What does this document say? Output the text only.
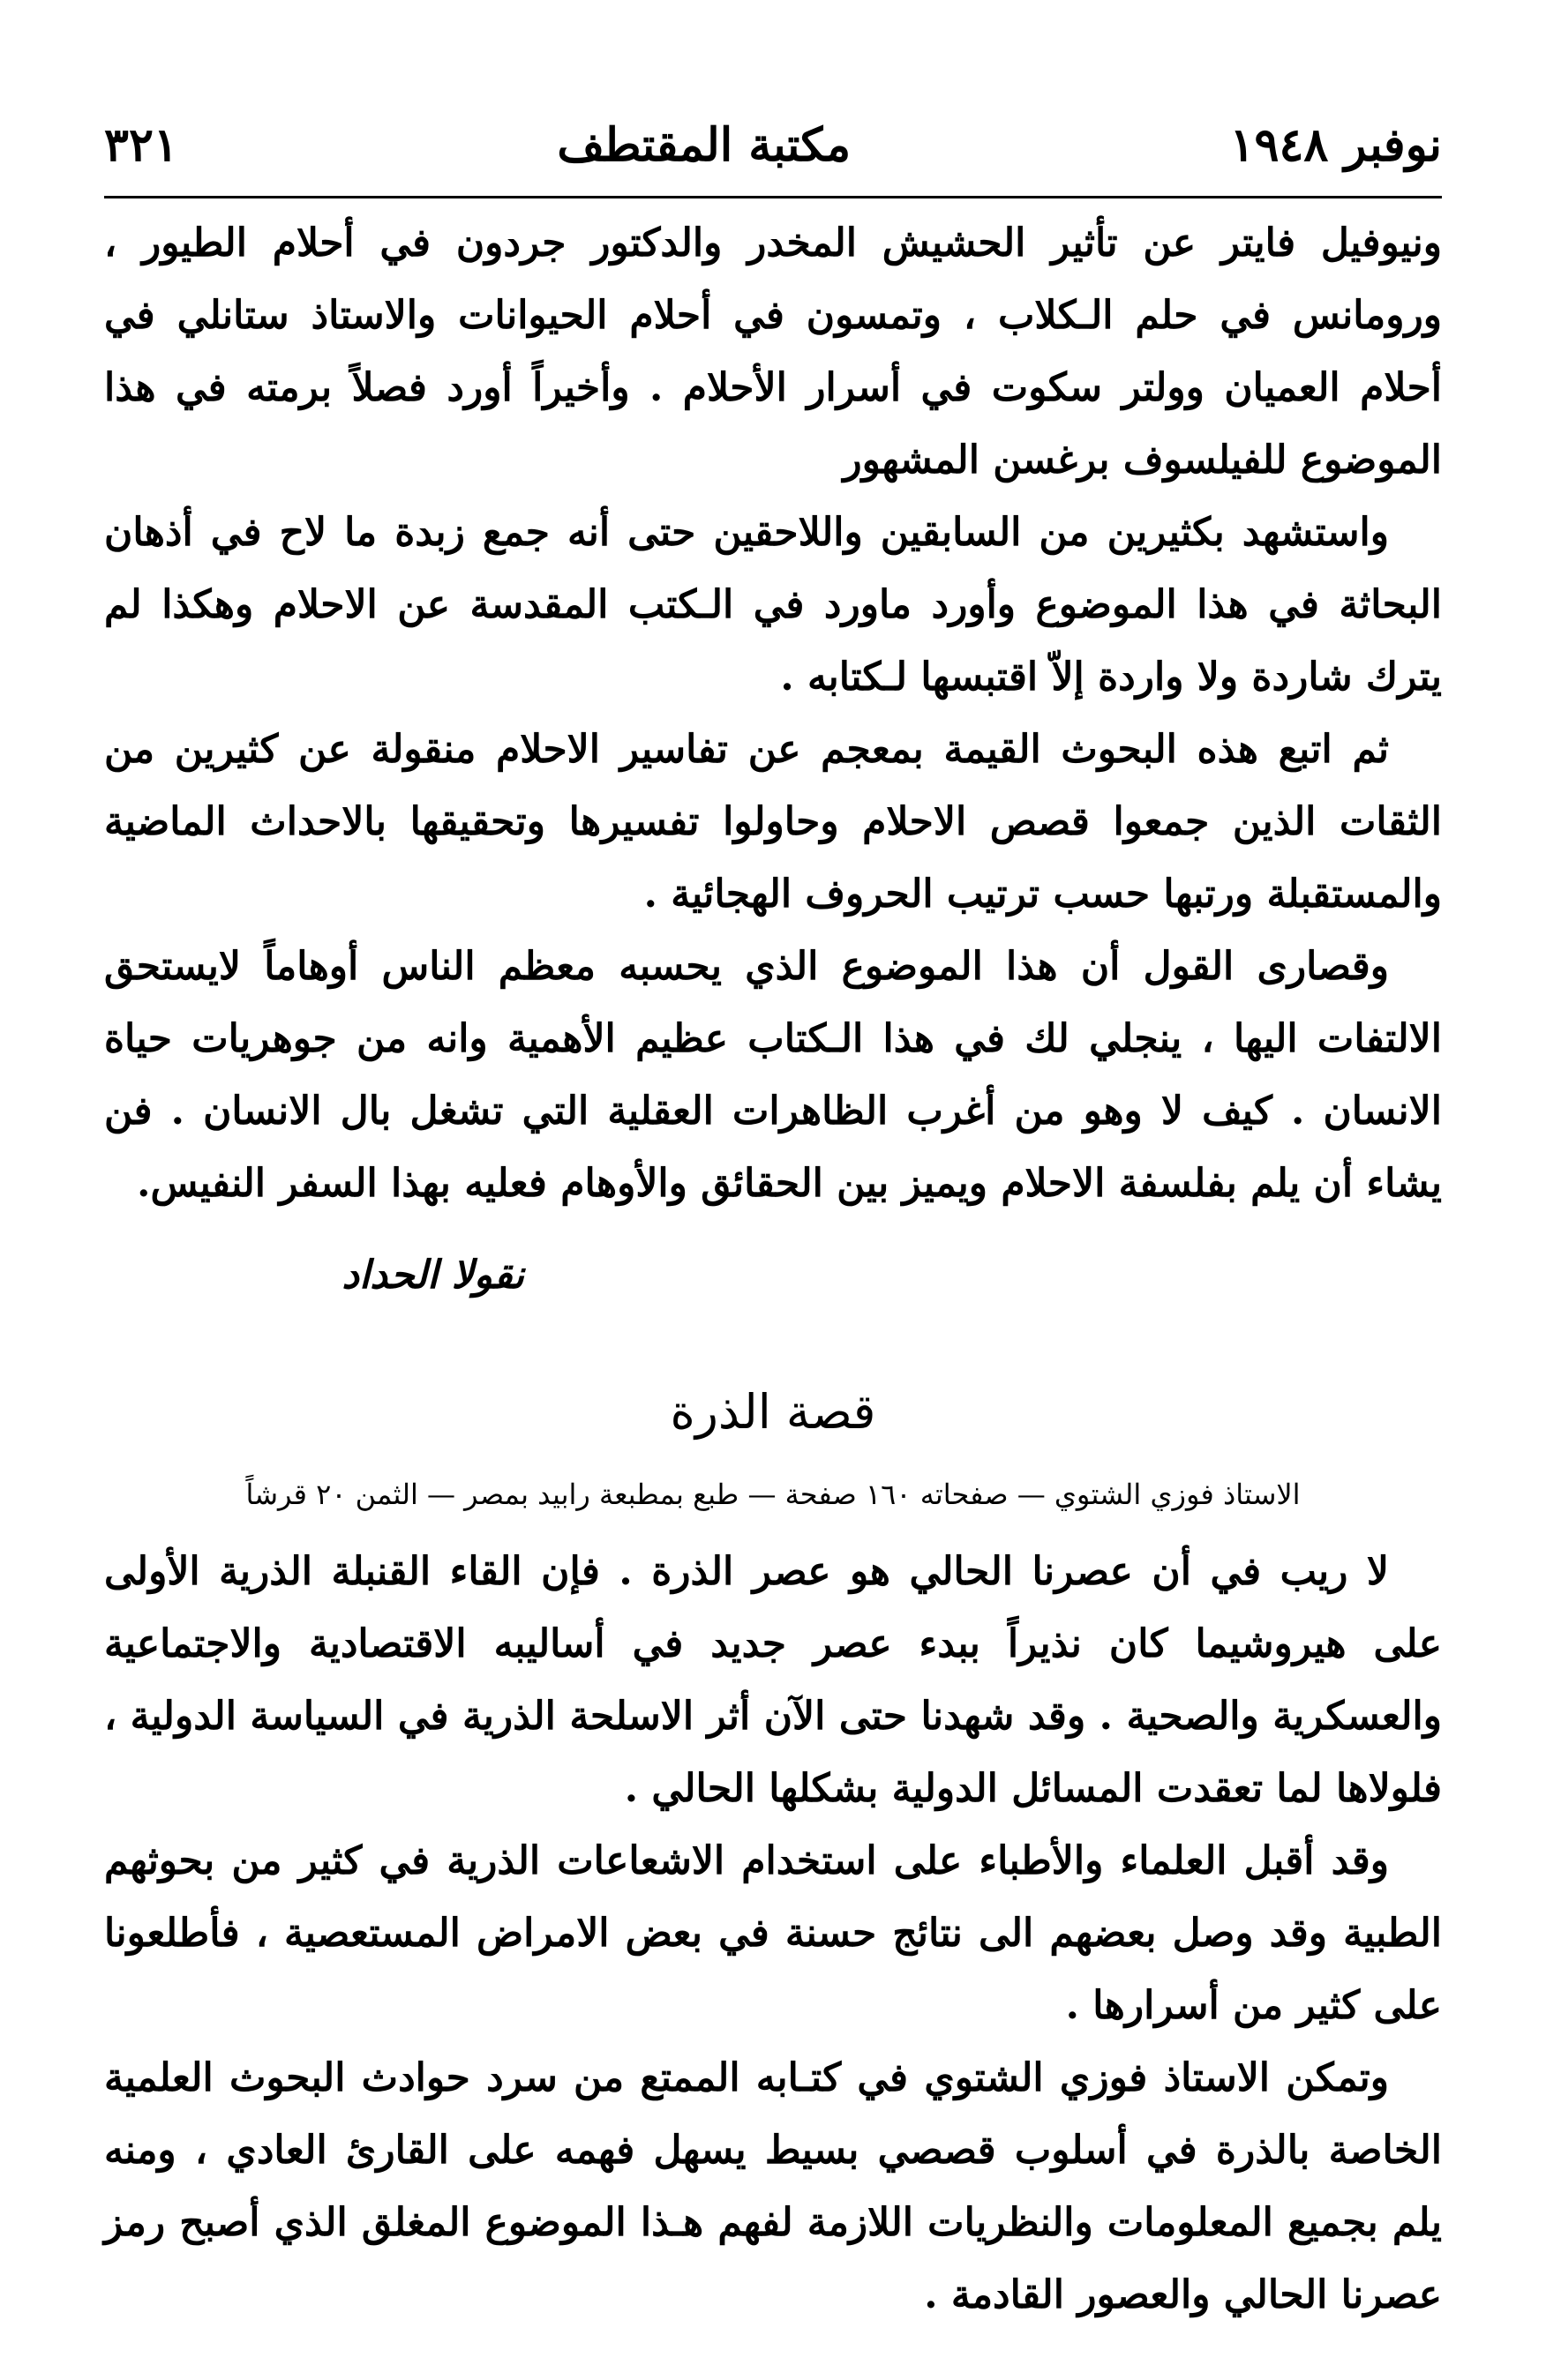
نوفبر ١٩٤٨
مكتبة المقتطف
٣٢١

ونيوفيل فايتر عن تأثير الحشيش المخدر والدكتور جردون في أحلام الطيور ، ورومانس في حلم الـكلاب ، وتمسون في أحلام الحيوانات والاستاذ ستانلي في أحلام العميان وولتر سكوت في أسرار الأحلام . وأخيراً أورد فصلاً برمته في هذا الموضوع للفيلسوف برغسن المشهور

واستشهد بكثيرين من السابقين واللاحقين حتى أنه جمع زبدة ما لاح في أذهان البحاثة في هذا الموضوع وأورد ماورد في الـكتب المقدسة عن الاحلام وهكذا لم يترك شاردة ولا واردة إلاّ اقتبسها لـكتابه .

ثم اتبع هذه البحوث القيمة بمعجم عن تفاسير الاحلام منقولة عن كثيرين من الثقات الذين جمعوا قصص الاحلام وحاولوا تفسيرها وتحقيقها بالاحداث الماضية والمستقبلة ورتبها حسب ترتيب الحروف الهجائية .

وقصارى القول أن هذا الموضوع الذي يحسبه معظم الناس أوهاماً لايستحق الالتفات اليها ، ينجلي لك في هذا الـكتاب عظيم الأهمية وانه من جوهريات حياة الانسان . كيف لا وهو من أغرب الظاهرات العقلية التي تشغل بال الانسان . فن يشاء أن يلم بفلسفة الاحلام ويميز بين الحقائق والأوهام فعليه بهذا السفر النفيس.

نقولا الحداد
قصة الذرة
الاستاذ فوزي الشتوي — صفحاته ١٦٠ صفحة — طبع بمطبعة رابيد بمصر — الثمن ٢٠ قرشاً

لا ريب في أن عصرنا الحالي هو عصر الذرة . فإن القاء القنبلة الذرية الأولى على هيروشيما كان نذيراً ببدء عصر جديد في أساليبه الاقتصادية والاجتماعية والعسكرية والصحية . وقد شهدنا حتى الآن أثر الاسلحة الذرية في السياسة الدولية ، فلولاها لما تعقدت المسائل الدولية بشكلها الحالي .

وقد أقبل العلماء والأطباء على استخدام الاشعاعات الذرية في كثير من بحوثهم الطبية وقد وصل بعضهم الى نتائج حسنة في بعض الامراض المستعصية ، فأطلعونا على كثير من أسرارها .

وتمكن الاستاذ فوزي الشتوي في كتـابه الممتع من سرد حوادث البحوث العلمية الخاصة بالذرة في أسلوب قصصي بسيط يسهل فهمه على القارئ العادي ، ومنه يلم بجميع المعلومات والنظريات اللازمة لفهم هـذا الموضوع المغلق الذي أصبح رمز عصرنا الحالي والعصور القادمة .
